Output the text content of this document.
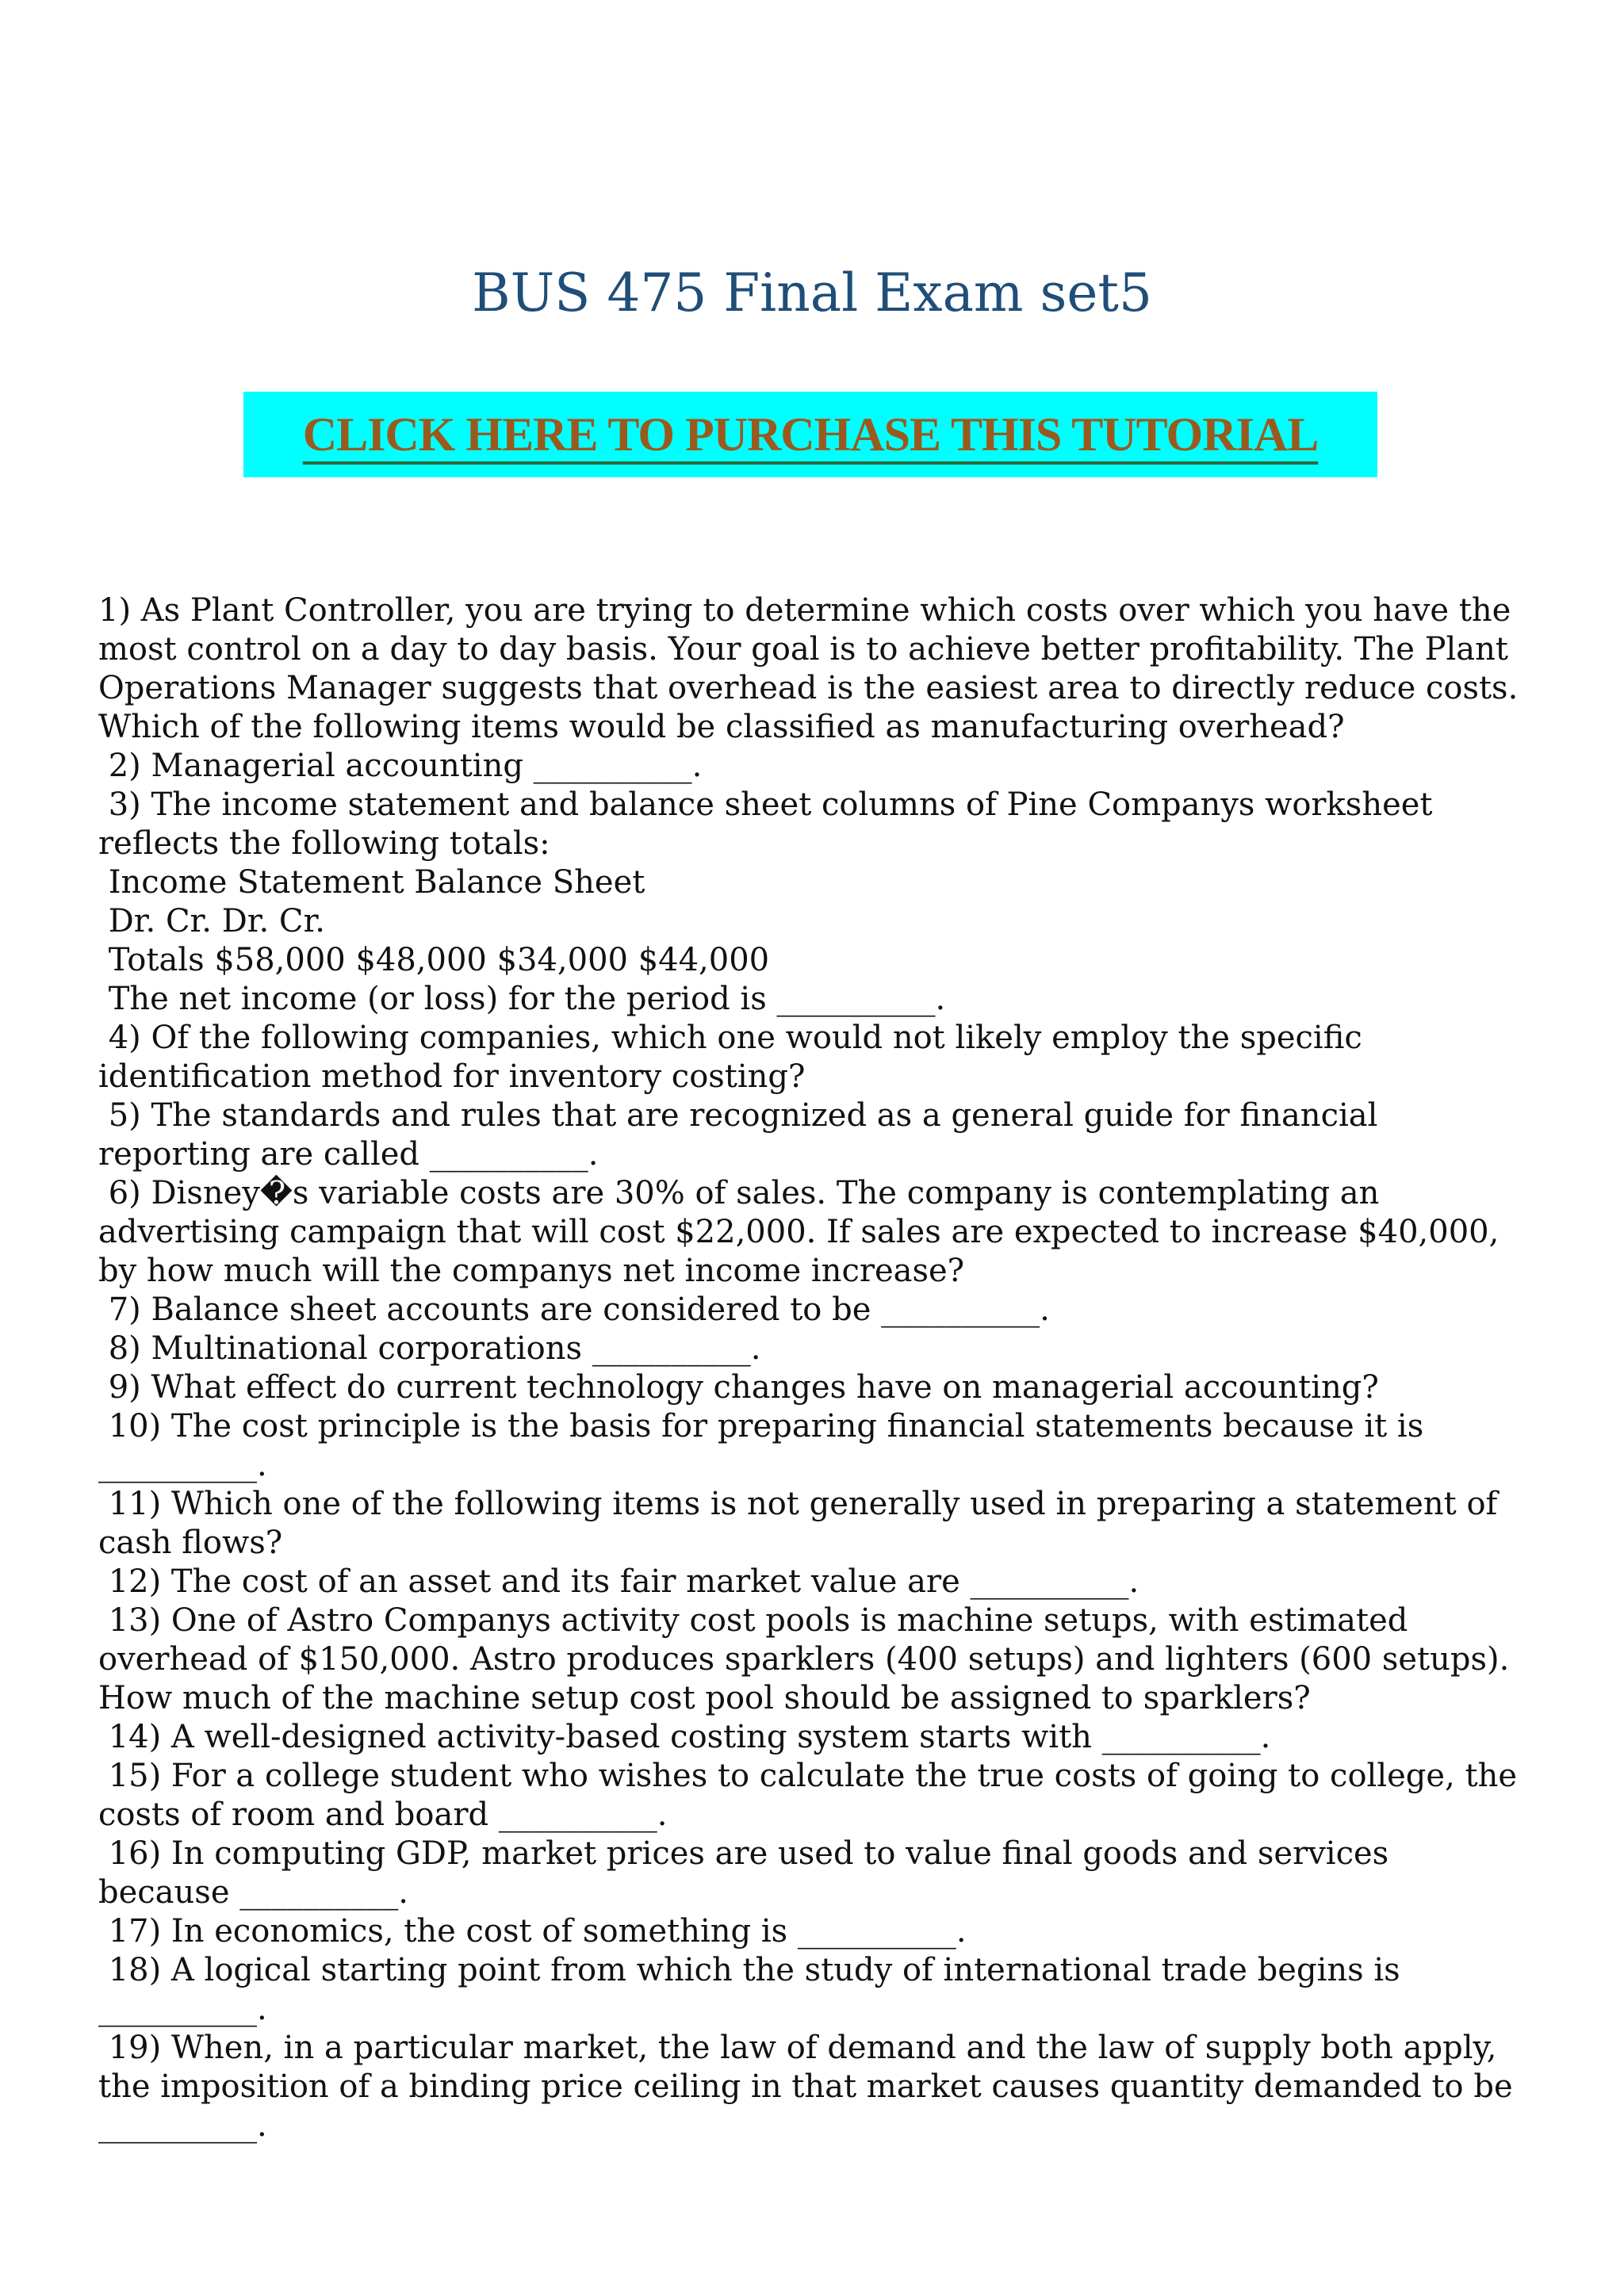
BUS 475 Final Exam set5
CLICK HERE TO PURCHASE THIS TUTORIAL

1) As Plant Controller, you are trying to determine which costs over which you have the

most control on a day to day basis. Your goal is to achieve better profitability. The Plant

Operations Manager suggests that overhead is the easiest area to directly reduce costs.

Which of the following items would be classified as manufacturing overhead?

2) Managerial accounting __________.

3) The income statement and balance sheet columns of Pine Companys worksheet

reflects the following totals:

Income Statement Balance Sheet

Dr. Cr. Dr. Cr.

Totals $58,000 $48,000 $34,000 $44,000

The net income (or loss) for the period is __________.

4) Of the following companies, which one would not likely employ the specific

identification method for inventory costing?

5) The standards and rules that are recognized as a general guide for financial

reporting are called __________.

6) Disney�s variable costs are 30% of sales. The company is contemplating an

advertising campaign that will cost $22,000. If sales are expected to increase $40,000,

by how much will the companys net income increase?

7) Balance sheet accounts are considered to be __________.

8) Multinational corporations __________.

9) What effect do current technology changes have on managerial accounting?

10) The cost principle is the basis for preparing financial statements because it is

__________.

11) Which one of the following items is not generally used in preparing a statement of

cash flows?

12) The cost of an asset and its fair market value are __________.

13) One of Astro Companys activity cost pools is machine setups, with estimated

overhead of $150,000. Astro produces sparklers (400 setups) and lighters (600 setups).

How much of the machine setup cost pool should be assigned to sparklers?

14) A well-designed activity-based costing system starts with __________.

15) For a college student who wishes to calculate the true costs of going to college, the

costs of room and board __________.

16) In computing GDP, market prices are used to value final goods and services

because __________.

17) In economics, the cost of something is __________.

18) A logical starting point from which the study of international trade begins is

__________.

19) When, in a particular market, the law of demand and the law of supply both apply,

the imposition of a binding price ceiling in that market causes quantity demanded to be

__________.
